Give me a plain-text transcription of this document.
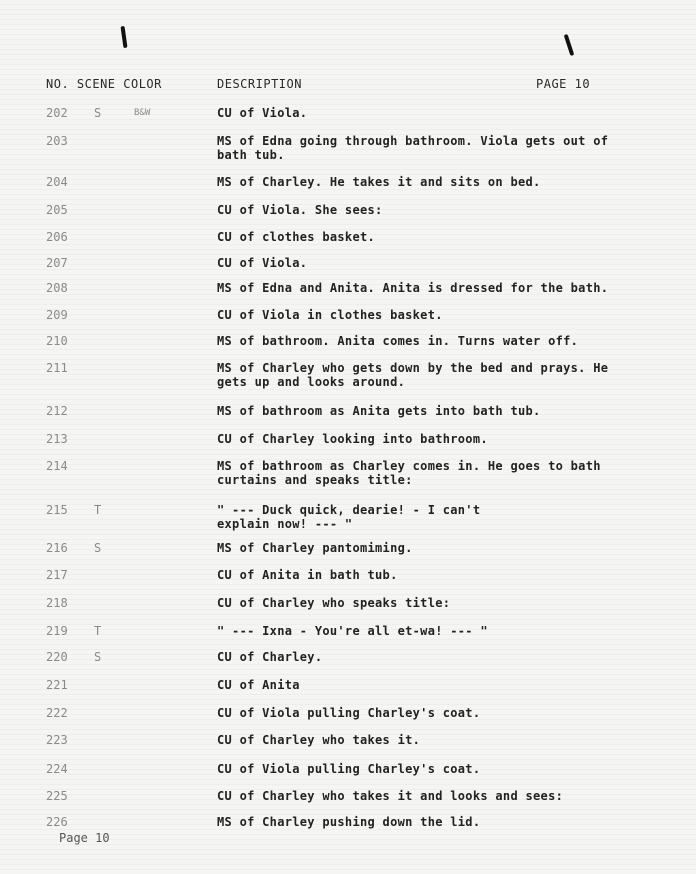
NO. SCENE COLOR	DESCRIPTION	PAGE 10
202	S	B&W	CU of Viola.
203	MS of Edna going through bathroom. Viola gets out of
bath tub.
204	MS of Charley. He takes it and sits on bed.
205	CU of Viola. She sees:
206	CU of clothes basket.
207	CU of Viola.
208	MS of Edna and Anita. Anita is dressed for the bath.
209	CU of Viola in clothes basket.
210	MS of bathroom. Anita comes in. Turns water off.
211	MS of Charley who gets down by the bed and prays. He
gets up and looks around.
212	MS of bathroom as Anita gets into bath tub.
213	CU of Charley looking into bathroom.
214	MS of bathroom as Charley comes in. He goes to bath
curtains and speaks title:
215	T	" --- Duck quick, dearie! - I can't
explain now! --- "
216	S	MS of Charley pantomiming.
217	CU of Anita in bath tub.
218	CU of Charley who speaks title:
219	T	" --- Ixna - You're all et-wa! --- "
220	S	CU of Charley.
221	CU of Anita
222	CU of Viola pulling Charley's coat.
223	CU of Charley who takes it.
224	CU of Viola pulling Charley's coat.
225	CU of Charley who takes it and looks and sees:
226	MS of Charley pushing down the lid.
Page 10
